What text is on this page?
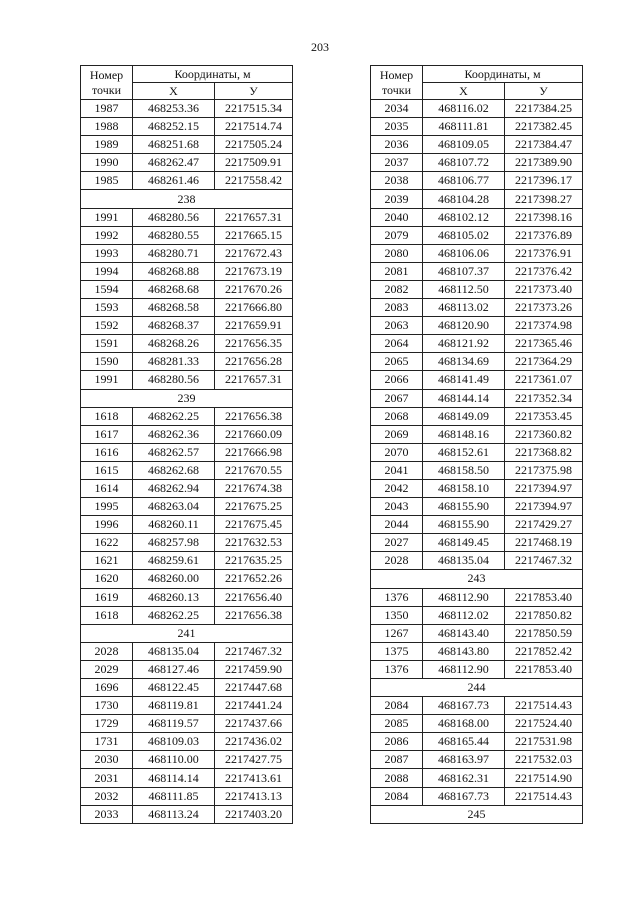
203
Номер
точки	Координаты, м	
	X	У
1987	468253.36	2217515.34
1988	468252.15	2217514.74
1989	468251.68	2217505.24
1990	468262.47	2217509.91
1985	468261.46	2217558.42
238		
1991	468280.56	2217657.31
1992	468280.55	2217665.15
1993	468280.71	2217672.43
1994	468268.88	2217673.19
1594	468268.68	2217670.26
1593	468268.58	2217666.80
1592	468268.37	2217659.91
1591	468268.26	2217656.35
1590	468281.33	2217656.28
1991	468280.56	2217657.31
239		
1618	468262.25	2217656.38
1617	468262.36	2217660.09
1616	468262.57	2217666.98
1615	468262.68	2217670.55
1614	468262.94	2217674.38
1995	468263.04	2217675.25
1996	468260.11	2217675.45
1622	468257.98	2217632.53
1621	468259.61	2217635.25
1620	468260.00	2217652.26
1619	468260.13	2217656.40
1618	468262.25	2217656.38
241		
2028	468135.04	2217467.32
2029	468127.46	2217459.90
1696	468122.45	2217447.68
1730	468119.81	2217441.24
1729	468119.57	2217437.66
1731	468109.03	2217436.02
2030	468110.00	2217427.75
2031	468114.14	2217413.61
2032	468111.85	2217413.13
2033	468113.24	2217403.20
Номер
точки	Координаты, м	
	X	У
2034	468116.02	2217384.25
2035	468111.81	2217382.45
2036	468109.05	2217384.47
2037	468107.72	2217389.90
2038	468106.77	2217396.17
2039	468104.28	2217398.27
2040	468102.12	2217398.16
2079	468105.02	2217376.89
2080	468106.06	2217376.91
2081	468107.37	2217376.42
2082	468112.50	2217373.40
2083	468113.02	2217373.26
2063	468120.90	2217374.98
2064	468121.92	2217365.46
2065	468134.69	2217364.29
2066	468141.49	2217361.07
2067	468144.14	2217352.34
2068	468149.09	2217353.45
2069	468148.16	2217360.82
2070	468152.61	2217368.82
2041	468158.50	2217375.98
2042	468158.10	2217394.97
2043	468155.90	2217394.97
2044	468155.90	2217429.27
2027	468149.45	2217468.19
2028	468135.04	2217467.32
243		
1376	468112.90	2217853.40
1350	468112.02	2217850.82
1267	468143.40	2217850.59
1375	468143.80	2217852.42
1376	468112.90	2217853.40
244		
2084	468167.73	2217514.43
2085	468168.00	2217524.40
2086	468165.44	2217531.98
2087	468163.97	2217532.03
2088	468162.31	2217514.90
2084	468167.73	2217514.43
245		
